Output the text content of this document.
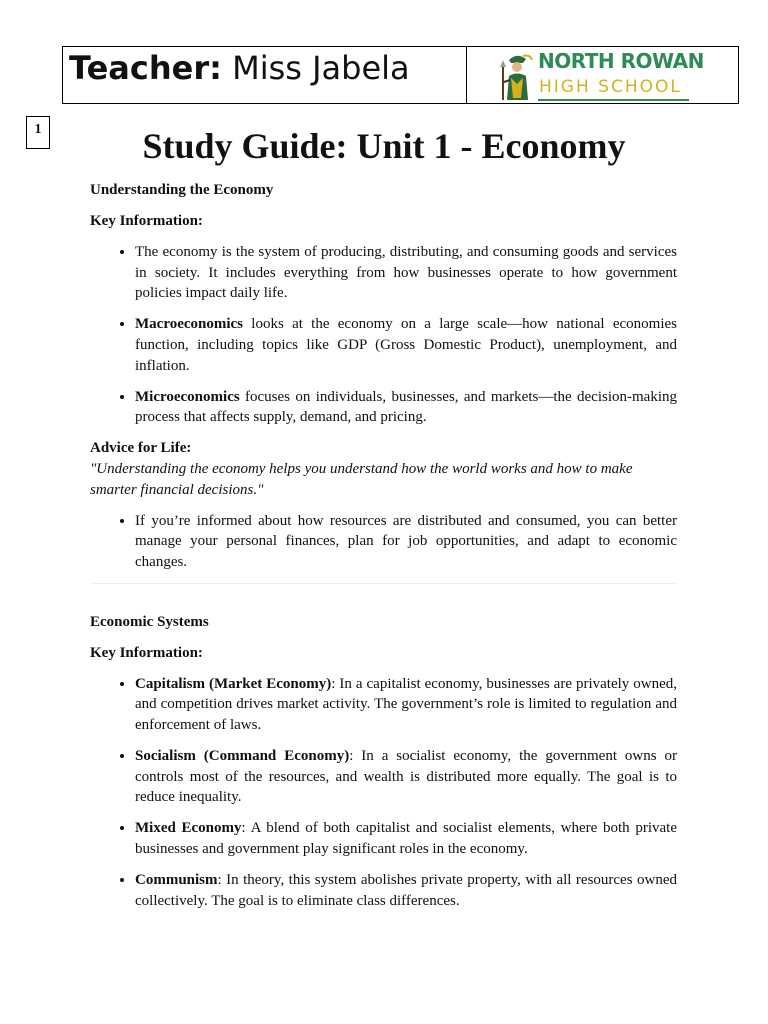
Teacher: Miss Jabela	NORTH ROWAN
HIGH SCHOOL
1	Study Guide: Unit 1 - Economy

Understanding the Economy

Key Information:

• The economy is the system of producing, distributing, and consuming goods and services in society. It includes everything from how businesses operate to how government policies impact daily life.
• Macroeconomics looks at the economy on a large scale—how national economies function, including topics like GDP (Gross Domestic Product), unemployment, and inflation.
• Microeconomics focuses on individuals, businesses, and markets—the decision-making process that affects supply, demand, and pricing.

Advice for Life:

"Understanding the economy helps you understand how the world works and how to make smarter financial decisions."

• If you’re informed about how resources are distributed and consumed, you can better manage your personal finances, plan for job opportunities, and adapt to economic changes.

Economic Systems

Key Information:

• Capitalism (Market Economy): In a capitalist economy, businesses are privately owned, and competition drives market activity. The government’s role is limited to regulation and enforcement of laws.
• Socialism (Command Economy): In a socialist economy, the government owns or controls most of the resources, and wealth is distributed more equally. The goal is to reduce inequality.
• Mixed Economy: A blend of both capitalist and socialist elements, where both private businesses and government play significant roles in the economy.
• Communism: In theory, this system abolishes private property, with all resources owned collectively. The goal is to eliminate class differences.
